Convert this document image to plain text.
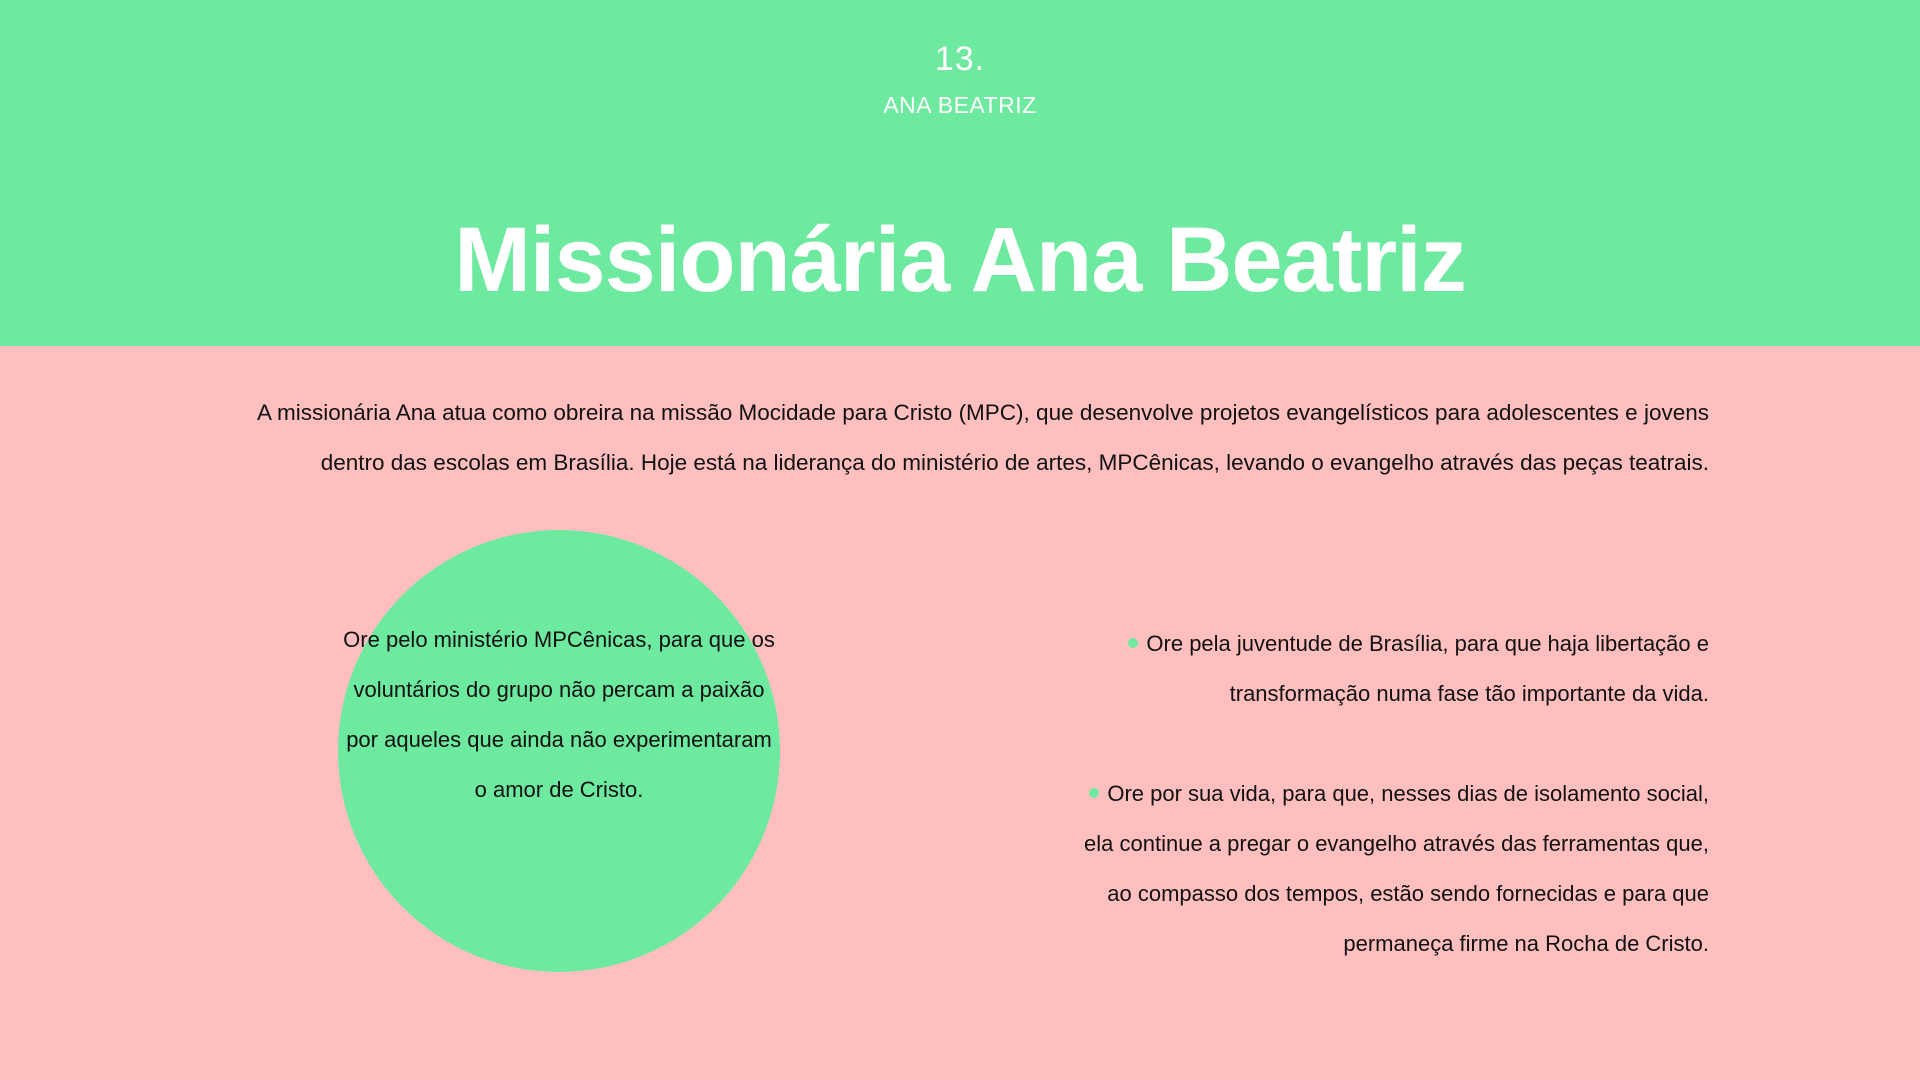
13.
ANA BEATRIZ
Missionária Ana Beatriz
A missionária Ana atua como obreira na missão Mocidade para Cristo (MPC), que desenvolve projetos evangelísticos para adolescentes e jovens dentro das escolas em Brasília. Hoje está na liderança do ministério de artes, MPCênicas, levando o evangelho através das peças teatrais.
Ore pelo ministério MPCênicas, para que os voluntários do grupo não percam a paixão por aqueles que ainda não experimentaram o amor de Cristo.
Ore pela juventude de Brasília, para que haja libertação e transformação numa fase tão importante da vida.
Ore por sua vida, para que, nesses dias de isolamento social, ela continue a pregar o evangelho através das ferramentas que, ao compasso dos tempos, estão sendo fornecidas e para que permaneça firme na Rocha de Cristo.
